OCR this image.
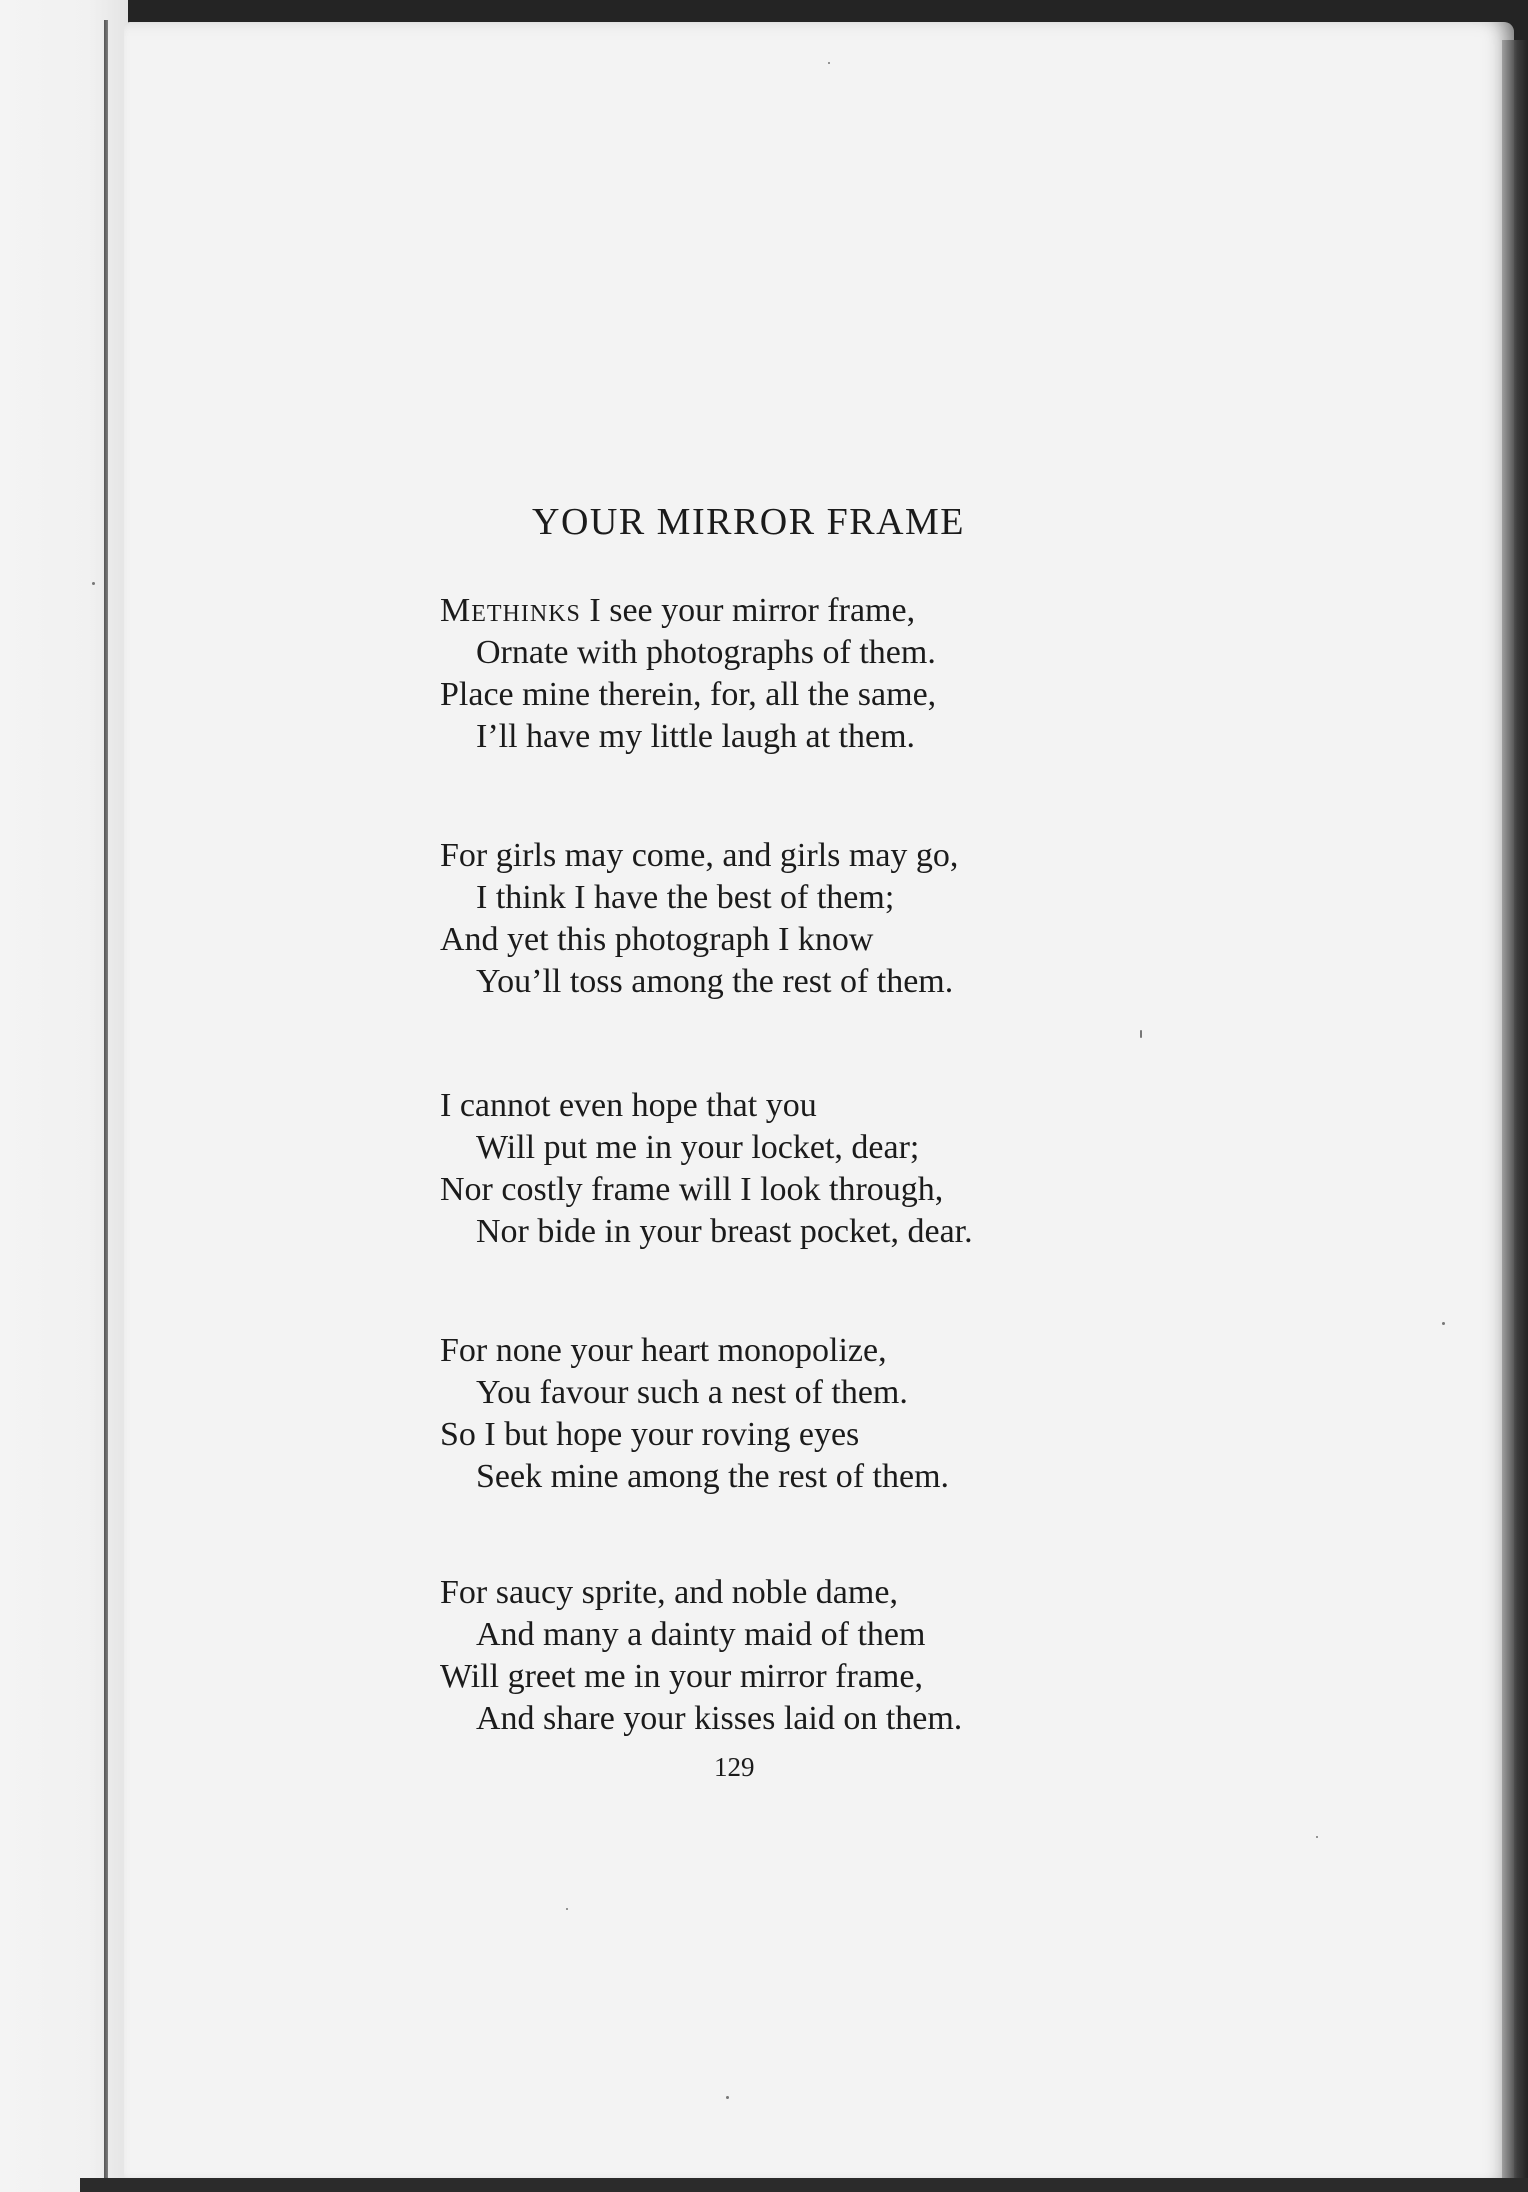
YOUR MIRROR FRAME
Methinks I see your mirror frame,
Ornate with photographs of them.
Place mine therein, for, all the same,
I’ll have my little laugh at them.
For girls may come, and girls may go,
I think I have the best of them;
And yet this photograph I know
You’ll toss among the rest of them.
I cannot even hope that you
Will put me in your locket, dear;
Nor costly frame will I look through,
Nor bide in your breast pocket, dear.
For none your heart monopolize,
You favour such a nest of them.
So I but hope your roving eyes
Seek mine among the rest of them.
For saucy sprite, and noble dame,
And many a dainty maid of them
Will greet me in your mirror frame,
And share your kisses laid on them.
129
